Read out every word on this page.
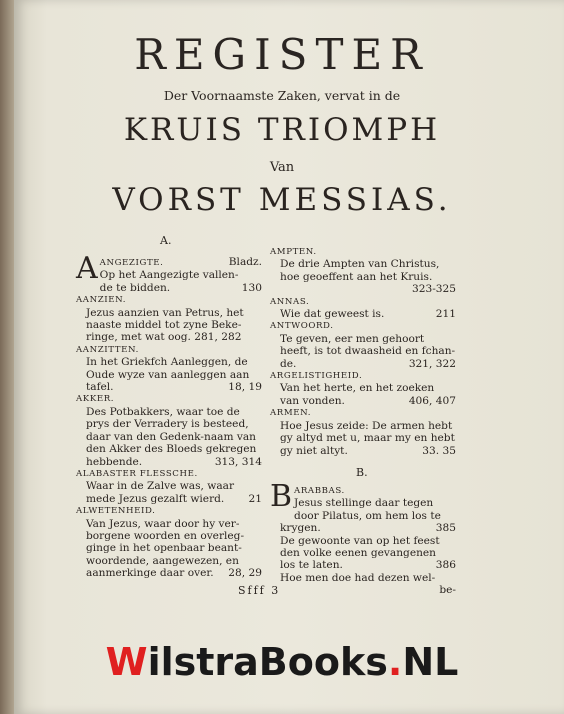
REGISTER
Der Voornaamste Zaken, vervat in de
KRUIS TRIOMPH
Van
VORST MESSIAS.
A.
AANGEZIGTE.	Bladz.
Op het Aangezigte vallen-
de te bidden.	130
AANZIEN.
Jezus aanzien van Petrus, het
naaste middel tot zyne Beke-
ringe, met wat oog. 281, 282
AANZITTEN.
In het Griekfch Aanleggen, de
Oude wyze van aanleggen aan
tafel.	18, 19
AKKER.
Des Potbakkers, waar toe de
prys der Verradery is besteed,
daar van den Gedenk-naam van
den Akker des Bloeds gekregen
hebbende.	313, 314
ALABASTER FLESSCHE.
Waar in de Zalve was, waar
mede Jezus gezalft wierd. 21
ALWETENHEID.
Van Jezus, waar door hy ver-
borgene woorden en overleg-
ginge in het openbaar beant-
woordende, aangewezen, en
aanmerkinge daar over. 28, 29
AMPTEN.
De drie Ampten van Christus,
hoe geoeffent aan het Kruis.
323-325
ANNAS.
Wie dat geweest is.	211
ANTWOORD.
Te geven, eer men gehoort
heeft, is tot dwaasheid en fchan-
de.	321, 322
ARGELISTIGHEID.
Van het herte, en het zoeken
van vonden.	406, 407
ARMEN.
Hoe Jesus zeide: De armen hebt
gy altyd met u, maar my en hebt
gy niet altyt.	33. 35
B.
BARABBAS.
Jesus stellinge daar tegen
door Pilatus, om hem los te
krygen.	385
De gewoonte van op het feest
den volke eenen gevangenen
los te laten.	386
Hoe men doe had dezen wel-
be-
Sfff 3
WilstraBooks.NL
